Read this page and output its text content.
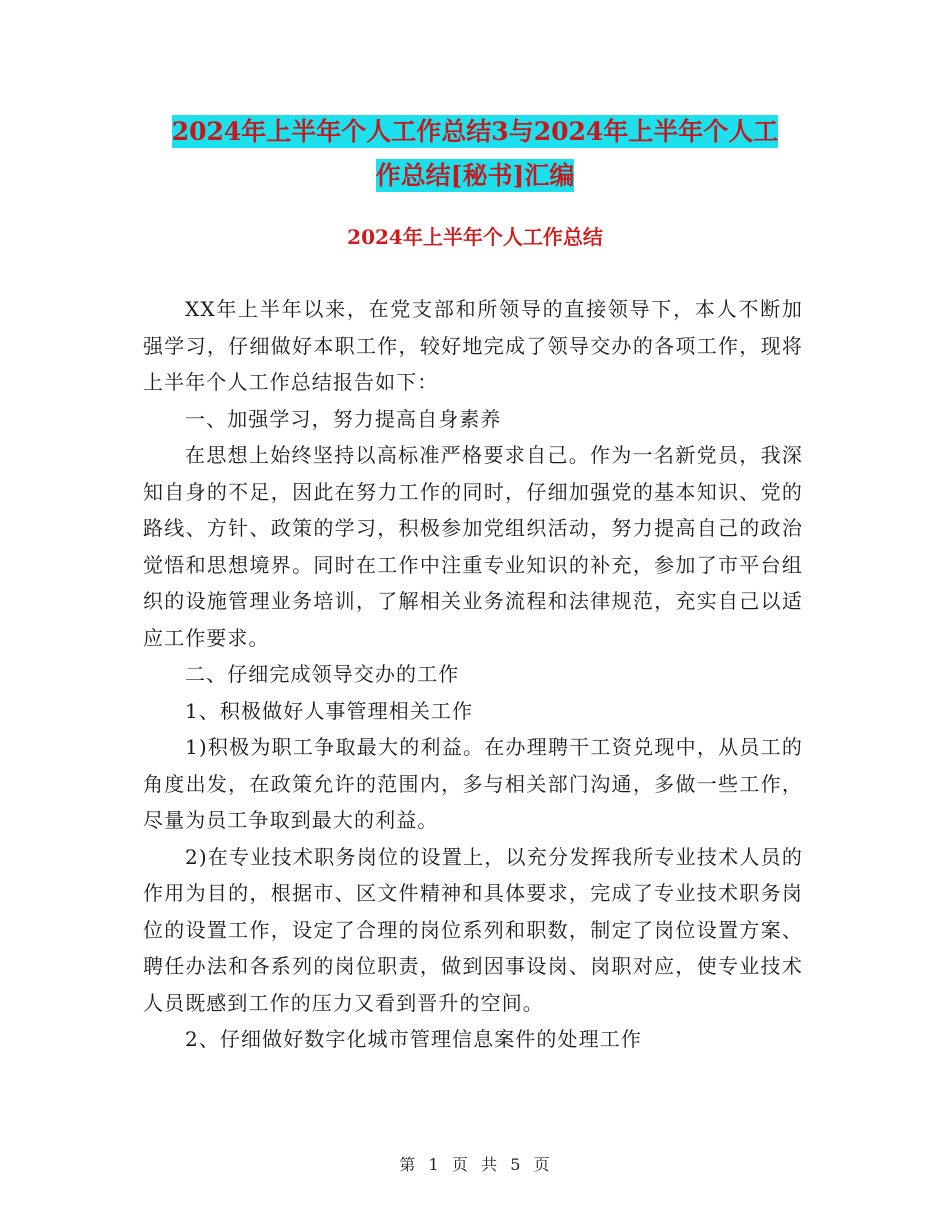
2024年上半年个人工作总结3与2024年上半年个人工
作总结[秘书]汇编
2024年上半年个人工作总结

XX年上半年以来，在党支部和所领导的直接领导下，本人不断加强学习，仔细做好本职工作，较好地完成了领导交办的各项工作，现将上半年个人工作总结报告如下：

一、加强学习，努力提高自身素养

在思想上始终坚持以高标准严格要求自己。作为一名新党员，我深知自身的不足，因此在努力工作的同时，仔细加强党的基本知识、党的路线、方针、政策的学习，积极参加党组织活动，努力提高自己的政治觉悟和思想境界。同时在工作中注重专业知识的补充，参加了市平台组织的设施管理业务培训，了解相关业务流程和法律规范，充实自己以适应工作要求。

二、仔细完成领导交办的工作

1、积极做好人事管理相关工作

1)积极为职工争取最大的利益。在办理聘干工资兑现中，从员工的角度出发，在政策允许的范围内，多与相关部门沟通，多做一些工作，尽量为员工争取到最大的利益。

2)在专业技术职务岗位的设置上，以充分发挥我所专业技术人员的作用为目的，根据市、区文件精神和具体要求，完成了专业技术职务岗位的设置工作，设定了合理的岗位系列和职数，制定了岗位设置方案、聘任办法和各系列的岗位职责，做到因事设岗、岗职对应，使专业技术人员既感到工作的压力又看到晋升的空间。

2、仔细做好数字化城市管理信息案件的处理工作

第  1  页  共  5  页
